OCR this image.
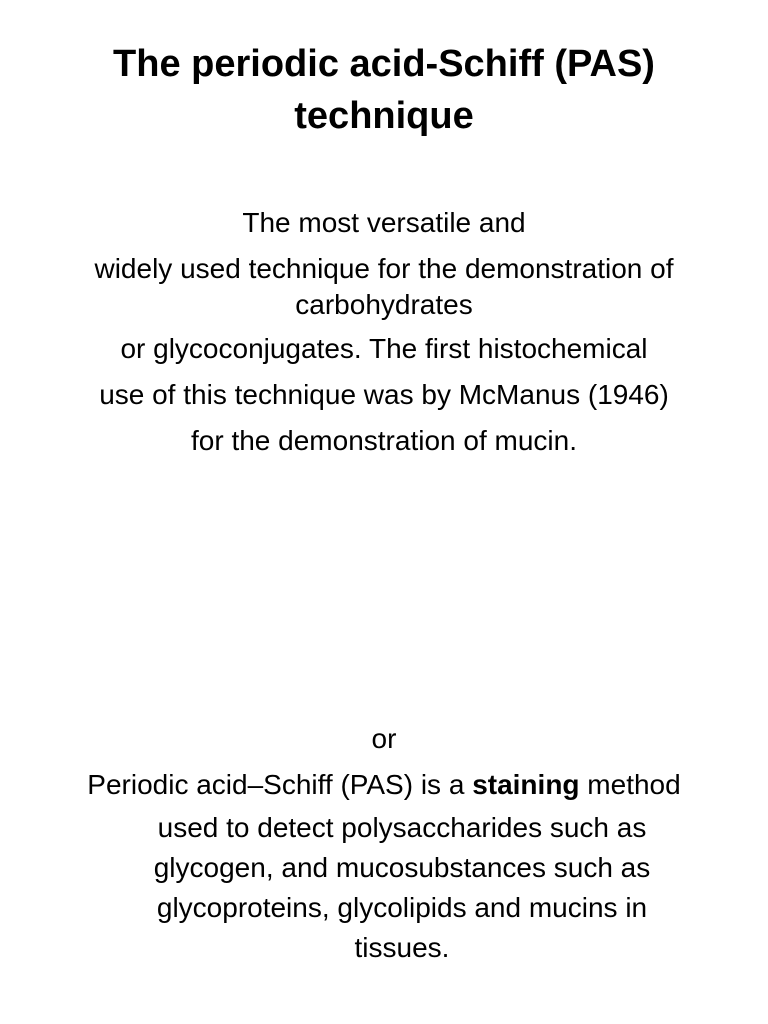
The periodic acid-Schiff (PAS) technique
The most versatile and
widely used technique for the demonstration of
carbohydrates
or glycoconjugates. The first histochemical
use of this technique was by McManus (1946)
for the demonstration of mucin.
or
Periodic acid–Schiff (PAS) is a staining method
used to detect polysaccharides such as
glycogen, and mucosubstances such as
glycoproteins, glycolipids and mucins in
tissues.
